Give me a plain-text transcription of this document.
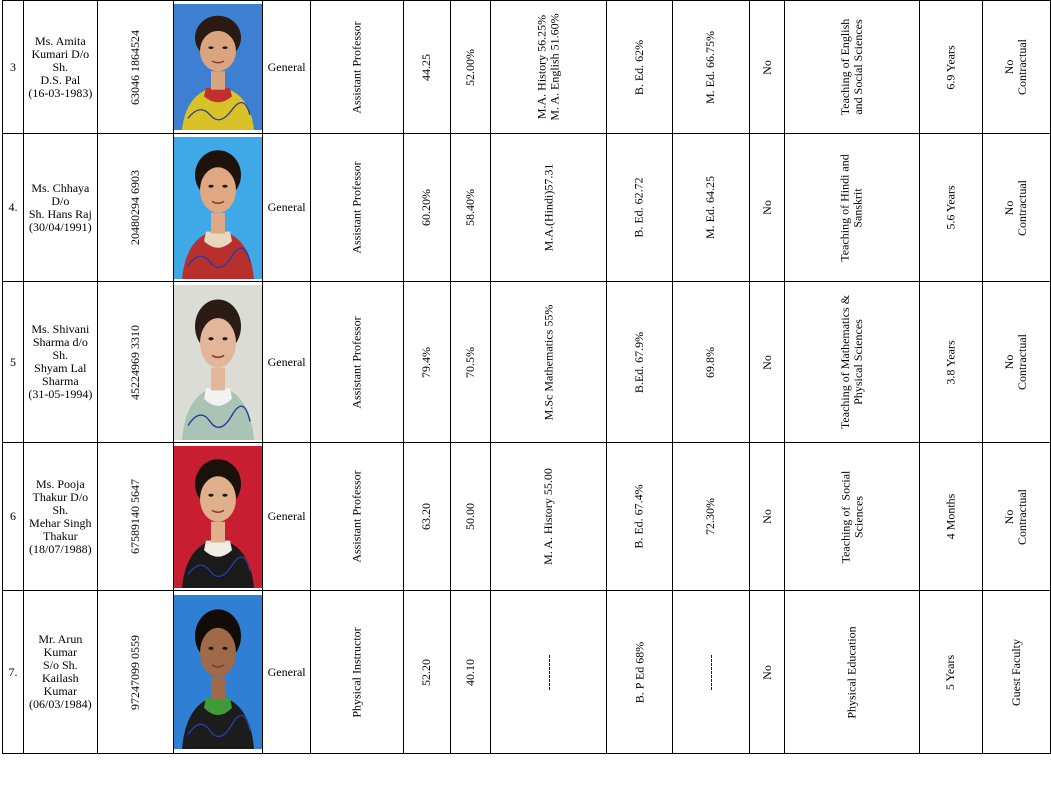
3	Ms. Amita
Kumari D/o Sh.
D.S. Pal
(16-03-1983)	63046 1864524		General	Assistant Professor	44.25	52.00%	M.A. History 56.25%
M. A. English 51.60%	B. Ed. 62%	M. Ed. 66.75%	No	Teaching of English
and Social Sciences	6.9 Years	No
Contractual

4.	Ms. Chhaya D/o
Sh. Hans Raj
(30/04/1991)	20480294 6903		General	Assistant Professor	60.20%	58.40%	M.A.(Hindi)57.31	B. Ed. 62.72	M. Ed. 64.25	No	Teaching of Hindi and
Sanskrit	5.6 Years	No
Contractual

5	Ms. Shivani
Sharma d/o Sh.
Shyam Lal
Sharma
(31-05-1994)	45224969 3310		General	Assistant Professor	79.4%	70.5%	M.Sc Mathematics 55%	B.Ed. 67.9%	69.8%	No	Teaching of Mathematics &
Physical Sciences	3.8 Years	No
Contractual

6	Ms. Pooja
Thakur D/o Sh.
Mehar Singh
Thakur
(18/07/1988)	67589140 5647		General	Assistant Professor	63.20	50.00	M. A. History 55.00	B. Ed. 67.4%	72.30%	No	Teaching of  Social
Sciences	4 Months	No
Contractual

7.	Mr. Arun Kumar
S/o Sh. Kailash
Kumar
(06/03/1984)	97247099 0559		General	Physical Instructor	52.20	40.10	---------	B. P Ed 68%	---------	No	Physical Education	5 Years	Guest Faculty
